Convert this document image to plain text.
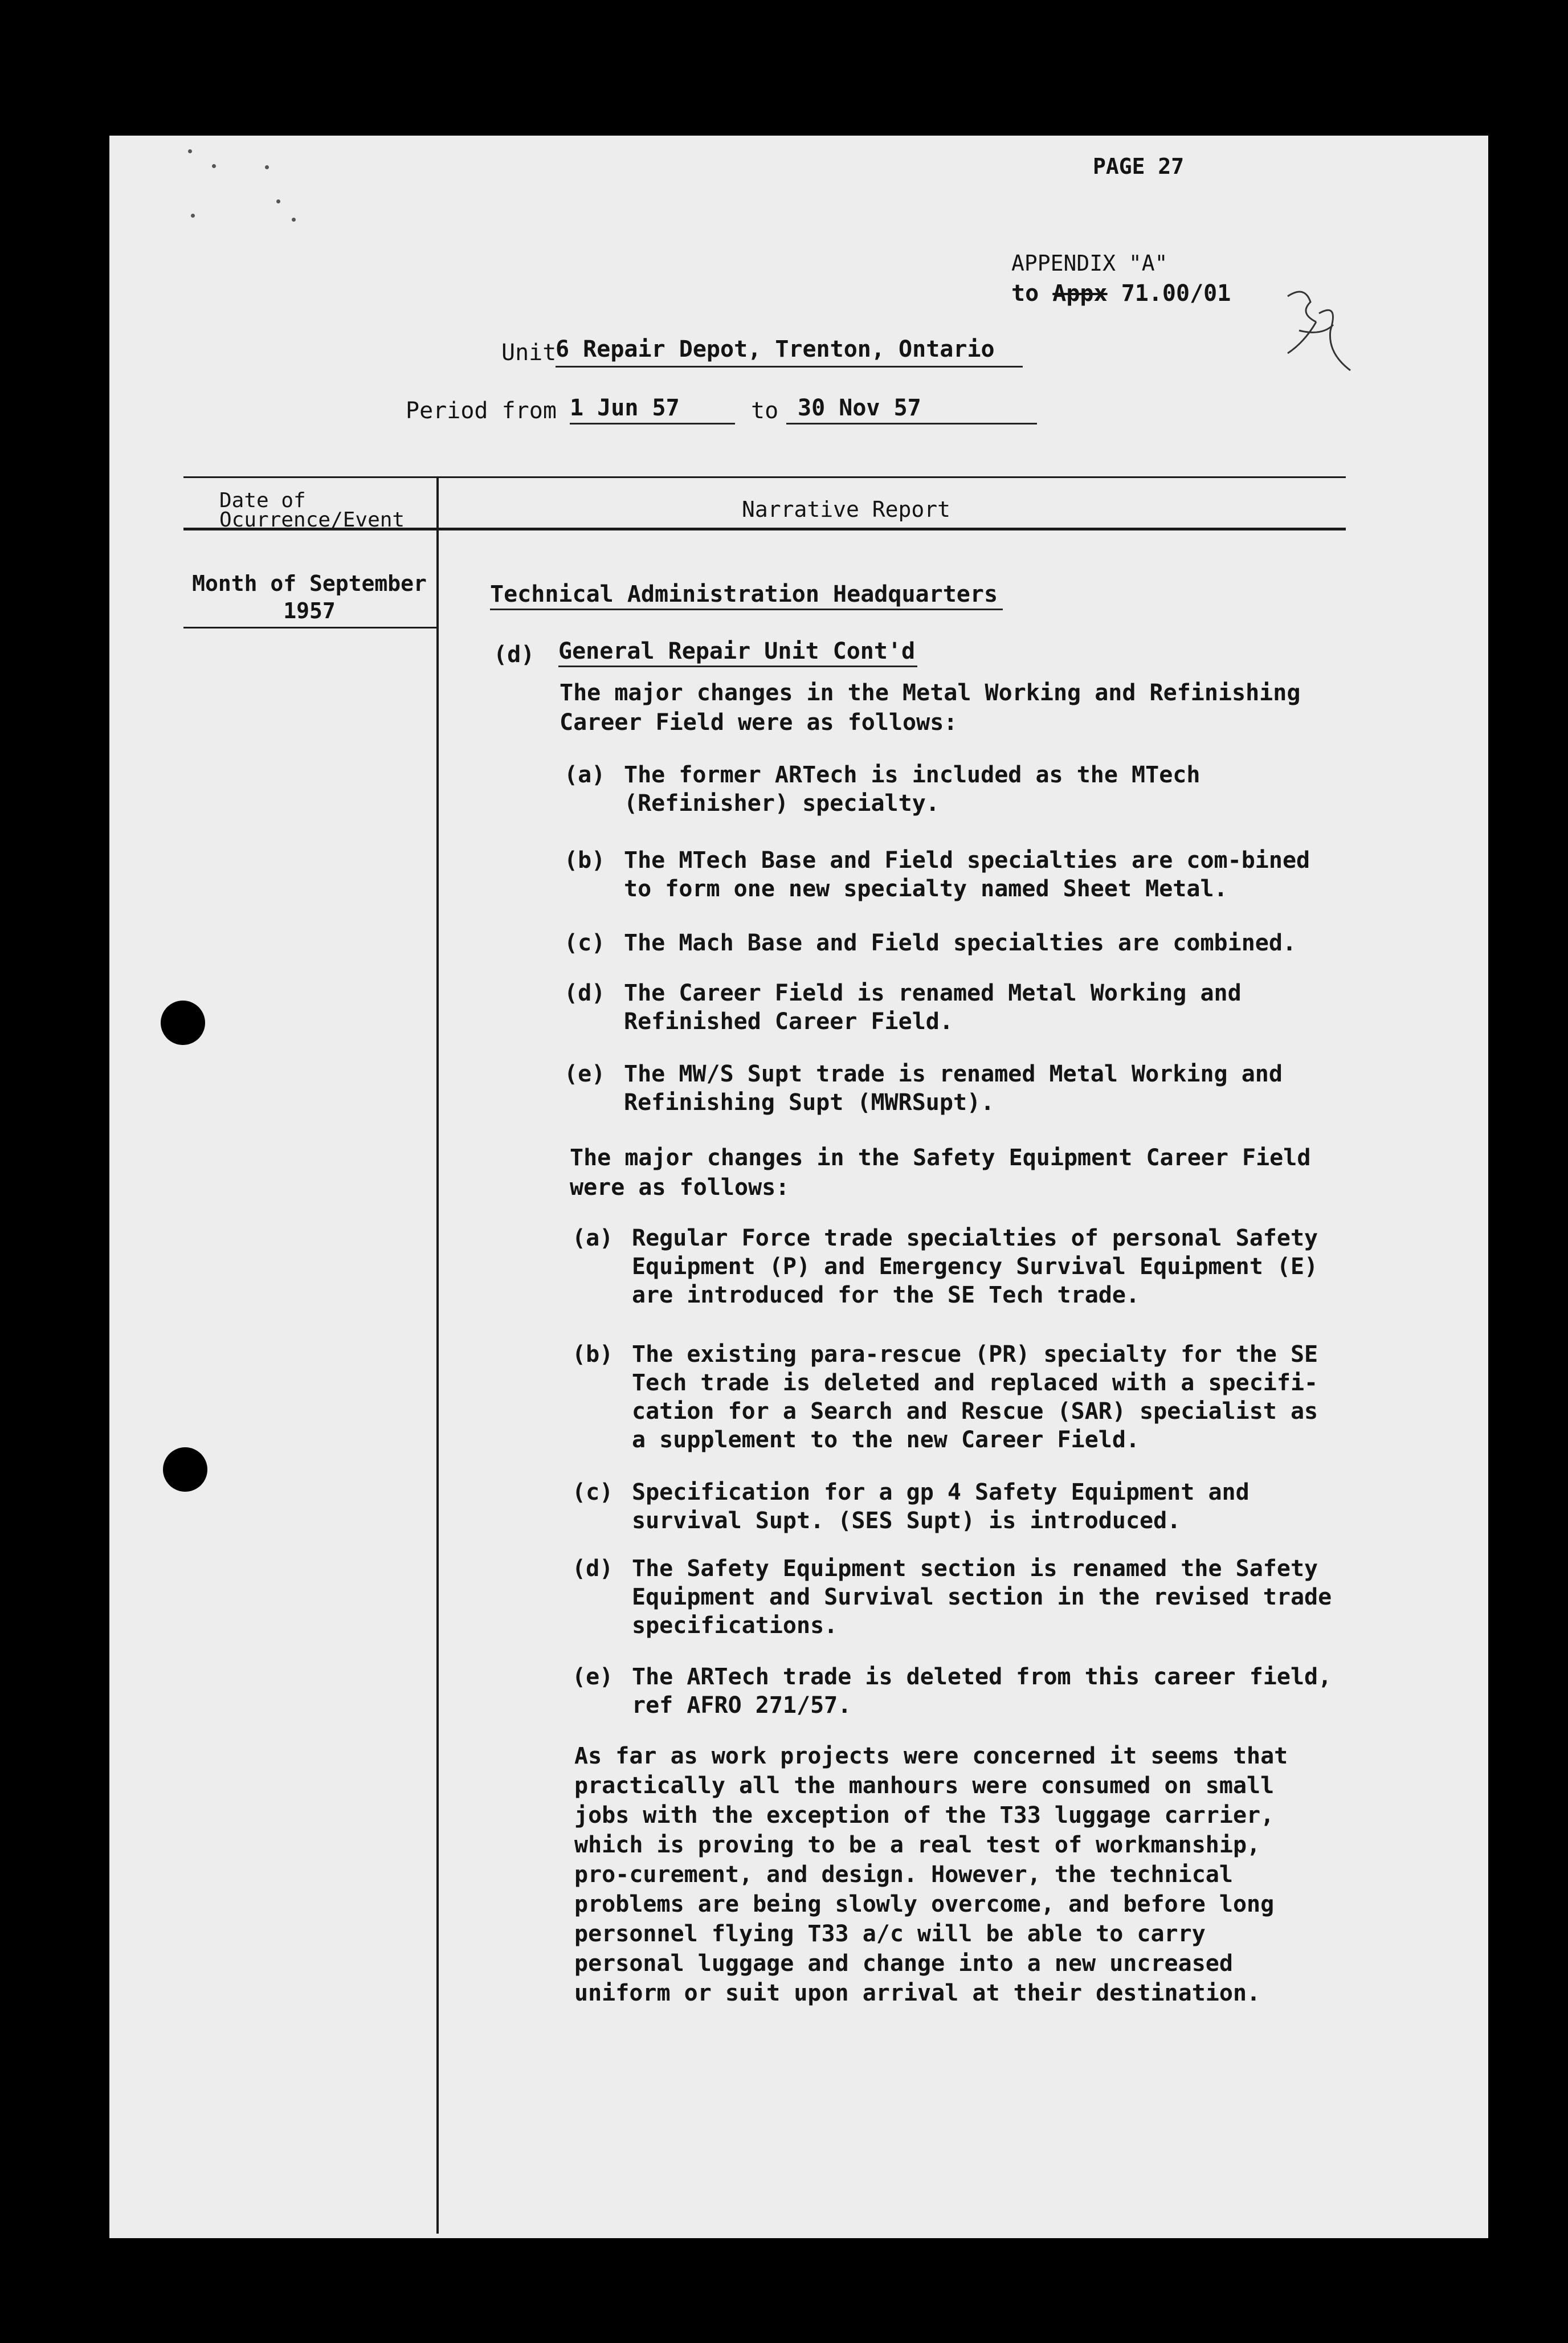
PAGE 27
APPENDIX "A"
to Appx 71.00/01
Unit
6 Repair Depot, Trenton, Ontario
Period from 1 Jun 57	to 30 Nov 57
Date of Ocurrence/Event	Narrative Report
Month of September 1957
Technical Administration Headquarters
(d) General Repair Unit Cont'd
The major changes in the Metal Working and Refinishing Career Field were as follows:
(a) The former ARTech is included as the MTech (Refinisher) specialty.
(b) The MTech Base and Field specialties are com-bined to form one new specialty named Sheet Metal.
(c) The Mach Base and Field specialties are combined.
(d) The Career Field is renamed Metal Working and Refinished Career Field.
(e) The MW/S Supt trade is renamed Metal Working and Refinishing Supt (MWRSupt).
The major changes in the Safety Equipment Career Field were as follows:
(a) Regular Force trade specialties of personal Safety Equipment (P) and Emergency Survival Equipment (E) are introduced for the SE Tech trade.
(b) The existing para-rescue (PR) specialty for the SE Tech trade is deleted and replaced with a specifi-cation for a Search and Rescue (SAR) specialist as a supplement to the new Career Field.
(c) Specification for a gp 4 Safety Equipment and survival Supt. (SES Supt) is introduced.
(d) The Safety Equipment section is renamed the Safety Equipment and Survival section in the revised trade specifications.
(e) The ARTech trade is deleted from this career field, ref AFRO 271/57.
As far as work projects were concerned it seems that practically all the manhours were consumed on small jobs with the exception of the T33 luggage carrier, which is proving to be a real test of workmanship, pro-curement, and design. However, the technical problems are being slowly overcome, and before long personnel flying T33 a/c will be able to carry personal luggage and change into a new uncreased uniform or suit upon arrival at their destination.
